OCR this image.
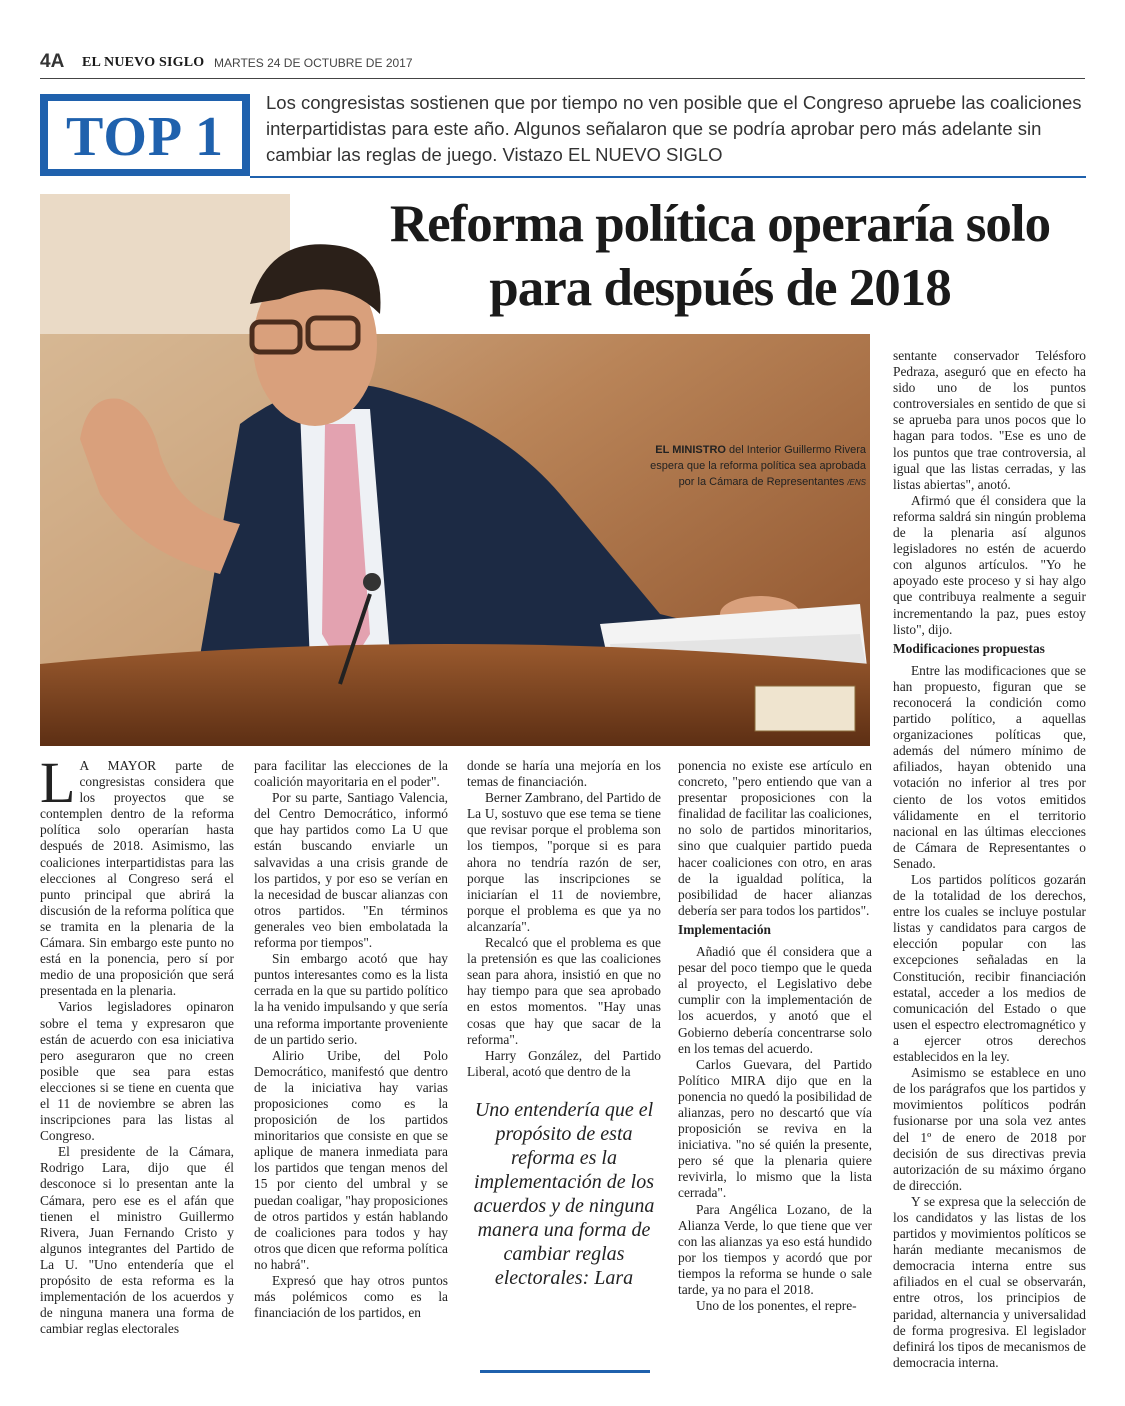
4A EL NUEVO SIGLO MARTES 24 DE OCTUBRE DE 2017
TOP 1
Los congresistas sostienen que por tiempo no ven posible que el Congreso apruebe las coaliciones interpartidistas para este año. Algunos señalaron que se podría aprobar pero más adelante sin cambiar las reglas de juego. Vistazo EL NUEVO SIGLO
Reforma política operaría solo para después de 2018
EL MINISTRO del Interior Guillermo Rivera espera que la reforma política sea aprobada por la Cámara de Representantes /ENS

L A MAYOR parte de congresistas considera que los proyectos que se contemplen dentro de la reforma política solo operarían hasta después de 2018. Asimismo, las coaliciones interpartidistas para las elecciones al Congreso será el punto principal que abrirá la discusión de la reforma política que se tramita en la plenaria de la Cámara. Sin embargo este punto no está en la ponencia, pero sí por medio de una proposición que será presentada en la plenaria.

Varios legisladores opinaron sobre el tema y expresaron que están de acuerdo con esa iniciativa pero aseguraron que no creen posible que sea para estas elecciones si se tiene en cuenta que el 11 de noviembre se abren las inscripciones para las listas al Congreso.

El presidente de la Cámara, Rodrigo Lara, dijo que él desconoce si lo presentan ante la Cámara, pero ese es el afán que tienen el ministro Guillermo Rivera, Juan Fernando Cristo y algunos integrantes del Partido de La U. "Uno entendería que el propósito de esta reforma es la implementación de los acuerdos y de ninguna manera una forma de cambiar reglas electorales

para facilitar las elecciones de la coalición mayoritaria en el poder".

Por su parte, Santiago Valencia, del Centro Democrático, informó que hay partidos como La U que están buscando enviarle un salvavidas a una crisis grande de los partidos, y por eso se verían en la necesidad de buscar alianzas con otros partidos. "En términos generales veo bien embolatada la reforma por tiempos".

Sin embargo acotó que hay puntos interesantes como es la lista cerrada en la que su partido político la ha venido impulsando y que sería una reforma importante proveniente de un partido serio.

Alirio Uribe, del Polo Democrático, manifestó que dentro de la iniciativa hay varias proposiciones como es la proposición de los partidos minoritarios que consiste en que se aplique de manera inmediata para los partidos que tengan menos del 15 por ciento del umbral y se puedan coaligar, "hay proposiciones de otros partidos y están hablando de coaliciones para todos y hay otros que dicen que reforma política no habrá".

Expresó que hay otros puntos más polémicos como es la financiación de los partidos, en

donde se haría una mejoría en los temas de financiación.

Berner Zambrano, del Partido de La U, sostuvo que ese tema se tiene que revisar porque el problema son los tiempos, "porque si es para ahora no tendría razón de ser, porque las inscripciones se iniciarían el 11 de noviembre, porque el problema es que ya no alcanzaría".

Recalcó que el problema es que la pretensión es que las coaliciones sean para ahora, insistió en que no hay tiempo para que sea aprobado en estos momentos. "Hay unas cosas que hay que sacar de la reforma".

Harry González, del Partido Liberal, acotó que dentro de la

Uno entendería que el propósito de esta reforma es la implementación de los acuerdos y de ninguna manera una forma de cambiar reglas electorales: Lara

ponencia no existe ese artículo en concreto, "pero entiendo que van a presentar proposiciones con la finalidad de facilitar las coaliciones, no solo de partidos minoritarios, sino que cualquier partido pueda hacer coaliciones con otro, en aras de la igualdad política, la posibilidad de hacer alianzas debería ser para todos los partidos".

Implementación

Añadió que él considera que a pesar del poco tiempo que le queda al proyecto, el Legislativo debe cumplir con la implementación de los acuerdos, y anotó que el Gobierno debería concentrarse solo en los temas del acuerdo.

Carlos Guevara, del Partido Político MIRA dijo que en la ponencia no quedó la posibilidad de alianzas, pero no descartó que vía proposición se reviva en la iniciativa. "no sé quién la presente, pero sé que la plenaria quiere revivirla, lo mismo que la lista cerrada".

Para Angélica Lozano, de la Alianza Verde, lo que tiene que ver con las alianzas ya eso está hundido por los tiempos y acordó que por tiempos la reforma se hunde o sale tarde, ya no para el 2018.

Uno de los ponentes, el repre-

sentante conservador Telésforo Pedraza, aseguró que en efecto ha sido uno de los puntos controversiales en sentido de que si se aprueba para unos pocos que lo hagan para todos. "Ese es uno de los puntos que trae controversia, al igual que las listas cerradas, y las listas abiertas", anotó.

Afirmó que él considera que la reforma saldrá sin ningún problema de la plenaria así algunos legisladores no estén de acuerdo con algunos artículos. "Yo he apoyado este proceso y si hay algo que contribuya realmente a seguir incrementando la paz, pues estoy listo", dijo.

Modificaciones propuestas

Entre las modificaciones que se han propuesto, figuran que se reconocerá la condición como partido político, a aquellas organizaciones políticas que, además del número mínimo de afiliados, hayan obtenido una votación no inferior al tres por ciento de los votos emitidos válidamente en el territorio nacional en las últimas elecciones de Cámara de Representantes o Senado.

Los partidos políticos gozarán de la totalidad de los derechos, entre los cuales se incluye postular listas y candidatos para cargos de elección popular con las excepciones señaladas en la Constitución, recibir financiación estatal, acceder a los medios de comunicación del Estado o que usen el espectro electromagnético y a ejercer otros derechos establecidos en la ley.

Asimismo se establece en uno de los parágrafos que los partidos y movimientos políticos podrán fusionarse por una sola vez antes del 1º de enero de 2018 por decisión de sus directivas previa autorización de su máximo órgano de dirección.

Y se expresa que la selección de los candidatos y las listas de los partidos y movimientos políticos se harán mediante mecanismos de democracia interna entre sus afiliados en el cual se observarán, entre otros, los principios de paridad, alternancia y universalidad de forma progresiva. El legislador definirá los tipos de mecanismos de democracia interna.
